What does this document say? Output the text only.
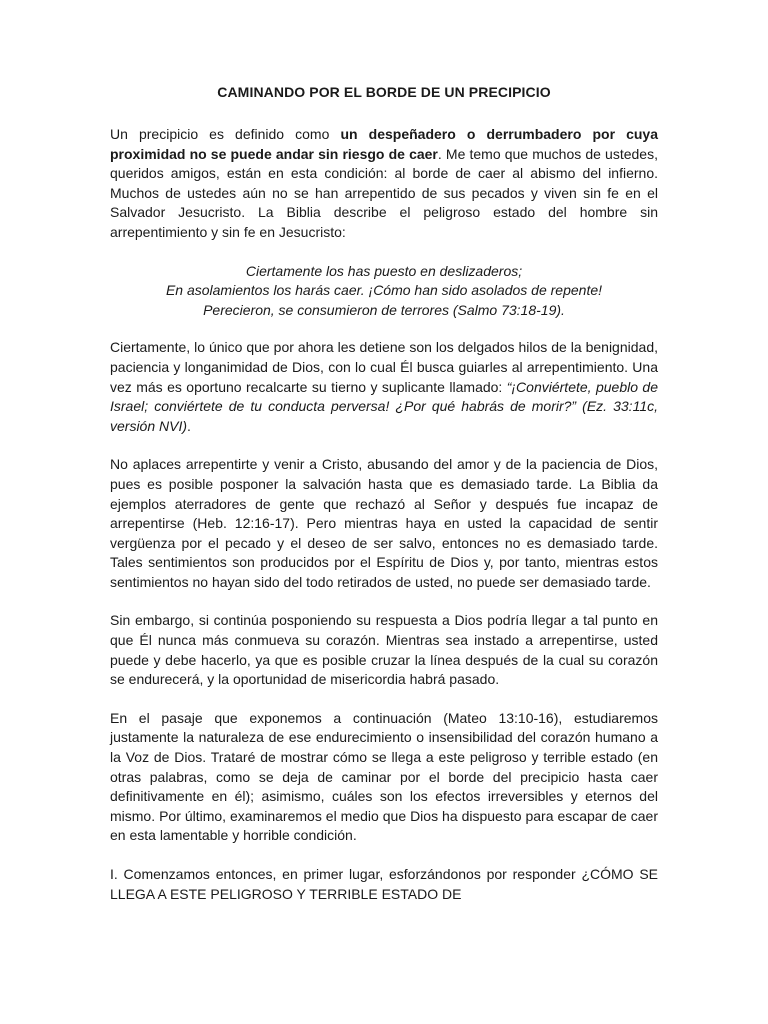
CAMINANDO POR EL BORDE DE UN PRECIPICIO

Un precipicio es definido como un despeñadero o derrumbadero por cuya proximidad no se puede andar sin riesgo de caer. Me temo que muchos de ustedes, queridos amigos, están en esta condición: al borde de caer al abismo del infierno. Muchos de ustedes aún no se han arrepentido de sus pecados y viven sin fe en el Salvador Jesucristo. La Biblia describe el peligroso estado del hombre sin arrepentimiento y sin fe en Jesucristo:

Ciertamente los has puesto en deslizaderos;
En asolamientos los harás caer. ¡Cómo han sido asolados de repente!
Perecieron, se consumieron de terrores (Salmo 73:18-19).

Ciertamente, lo único que por ahora les detiene son los delgados hilos de la benignidad, paciencia y longanimidad de Dios, con lo cual Él busca guiarles al arrepentimiento. Una vez más es oportuno recalcarte su tierno y suplicante llamado: “¡Conviértete, pueblo de Israel; conviértete de tu conducta perversa! ¿Por qué habrás de morir?” (Ez. 33:11c, versión NVI).

No aplaces arrepentirte y venir a Cristo, abusando del amor y de la paciencia de Dios, pues es posible posponer la salvación hasta que es demasiado tarde. La Biblia da ejemplos aterradores de gente que rechazó al Señor y después fue incapaz de arrepentirse (Heb. 12:16-17). Pero mientras haya en usted la capacidad de sentir vergüenza por el pecado y el deseo de ser salvo, entonces no es demasiado tarde. Tales sentimientos son producidos por el Espíritu de Dios y, por tanto, mientras estos sentimientos no hayan sido del todo retirados de usted, no puede ser demasiado tarde.

Sin embargo, si continúa posponiendo su respuesta a Dios podría llegar a tal punto en que Él nunca más conmueva su corazón. Mientras sea instado a arrepentirse, usted puede y debe hacerlo, ya que es posible cruzar la línea después de la cual su corazón se endurecerá, y la oportunidad de misericordia habrá pasado.

En el pasaje que exponemos a continuación (Mateo 13:10-16), estudiaremos justamente la naturaleza de ese endurecimiento o insensibilidad del corazón humano a la Voz de Dios. Trataré de mostrar cómo se llega a este peligroso y terrible estado (en otras palabras, como se deja de caminar por el borde del precipicio hasta caer definitivamente en él); asimismo, cuáles son los efectos irreversibles y eternos del mismo. Por último, examinaremos el medio que Dios ha dispuesto para escapar de caer en esta lamentable y horrible condición.

I. Comenzamos entonces, en primer lugar, esforzándonos por responder ¿CÓMO SE LLEGA A ESTE PELIGROSO Y TERRIBLE ESTADO DE
